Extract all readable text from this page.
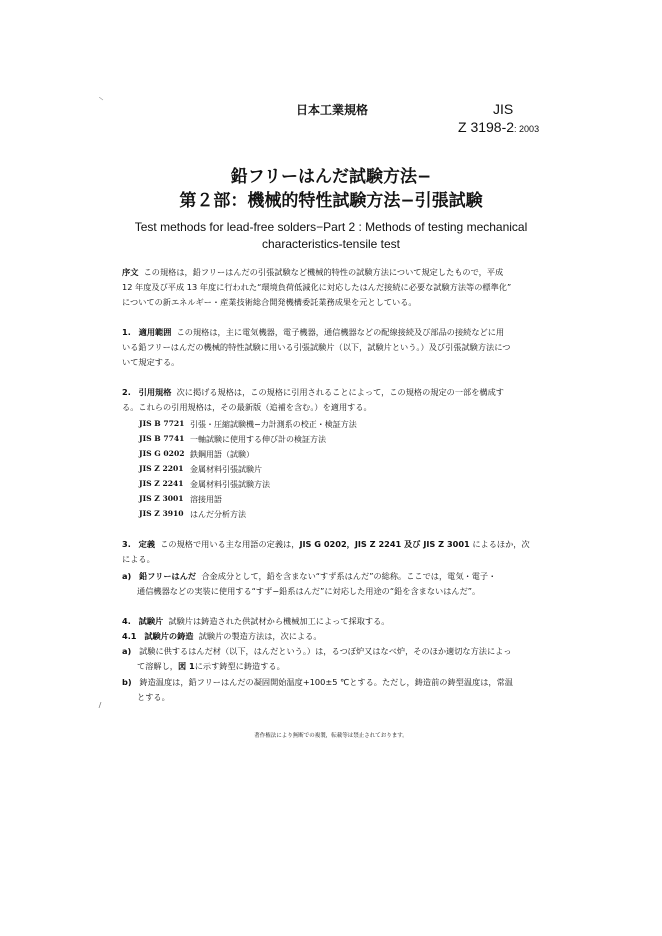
日本工業規格	JIS
Z 3198-2: 2003
鉛フリーはんだ試験方法−
第２部：機械的特性試験方法−引張試験
Test methods for lead-free solders−Part 2 : Methods of testing mechanical
characteristics-tensile test
序文 この規格は，鉛フリーはんだの引張試験など機械的特性の試験方法について規定したもので，平成
12 年度及び平成 13 年度に行われた“環境負荷低減化に対応したはんだ接続に必要な試験方法等の標準化”
についての新エネルギー・産業技術総合開発機構委託業務成果を元としている。
1. 適用範囲 この規格は，主に電気機器，電子機器，通信機器などの配線接続及び部品の接続などに用
いる鉛フリーはんだの機械的特性試験に用いる引張試験片（以下，試験片という。）及び引張試験方法につ
いて規定する。
2. 引用規格 次に掲げる規格は，この規格に引用されることによって，この規格の規定の一部を構成す
る。これらの引用規格は，その最新版（追補を含む。）を適用する。
JIS B 7721 引張・圧縮試験機−力計測系の校正・検証方法
JIS B 7741 一軸試験に使用する伸び計の検証方法
JIS G 0202 鉄鋼用語（試験）
JIS Z 2201 金属材料引張試験片
JIS Z 2241 金属材料引張試験方法
JIS Z 3001 溶接用語
JIS Z 3910 はんだ分析方法
3. 定義 この規格で用いる主な用語の定義は，JIS G 0202，JIS Z 2241 及び JIS Z 3001 によるほか，次
による。
a) 鉛フリーはんだ 合金成分として，鉛を含まない“すず系はんだ”の総称。ここでは，電気・電子・
通信機器などの実装に使用する“すず−鉛系はんだ”に対応した用途の“鉛を含まないはんだ”。
4. 試験片 試験片は鋳造された供試材から機械加工によって採取する。
4.1 試験片の鋳造 試験片の製造方法は，次による。
a) 試験に供するはんだ材（以下，はんだという。）は，るつぼ炉又はなべ炉，そのほか適切な方法によっ
て溶解し，図 1に示す鋳型に鋳造する。
b) 鋳造温度は，鉛フリーはんだの凝固開始温度+100±5 ℃とする。ただし，鋳造前の鋳型温度は，常温
とする。
著作権法により無断での複製，転載等は禁止されております。
